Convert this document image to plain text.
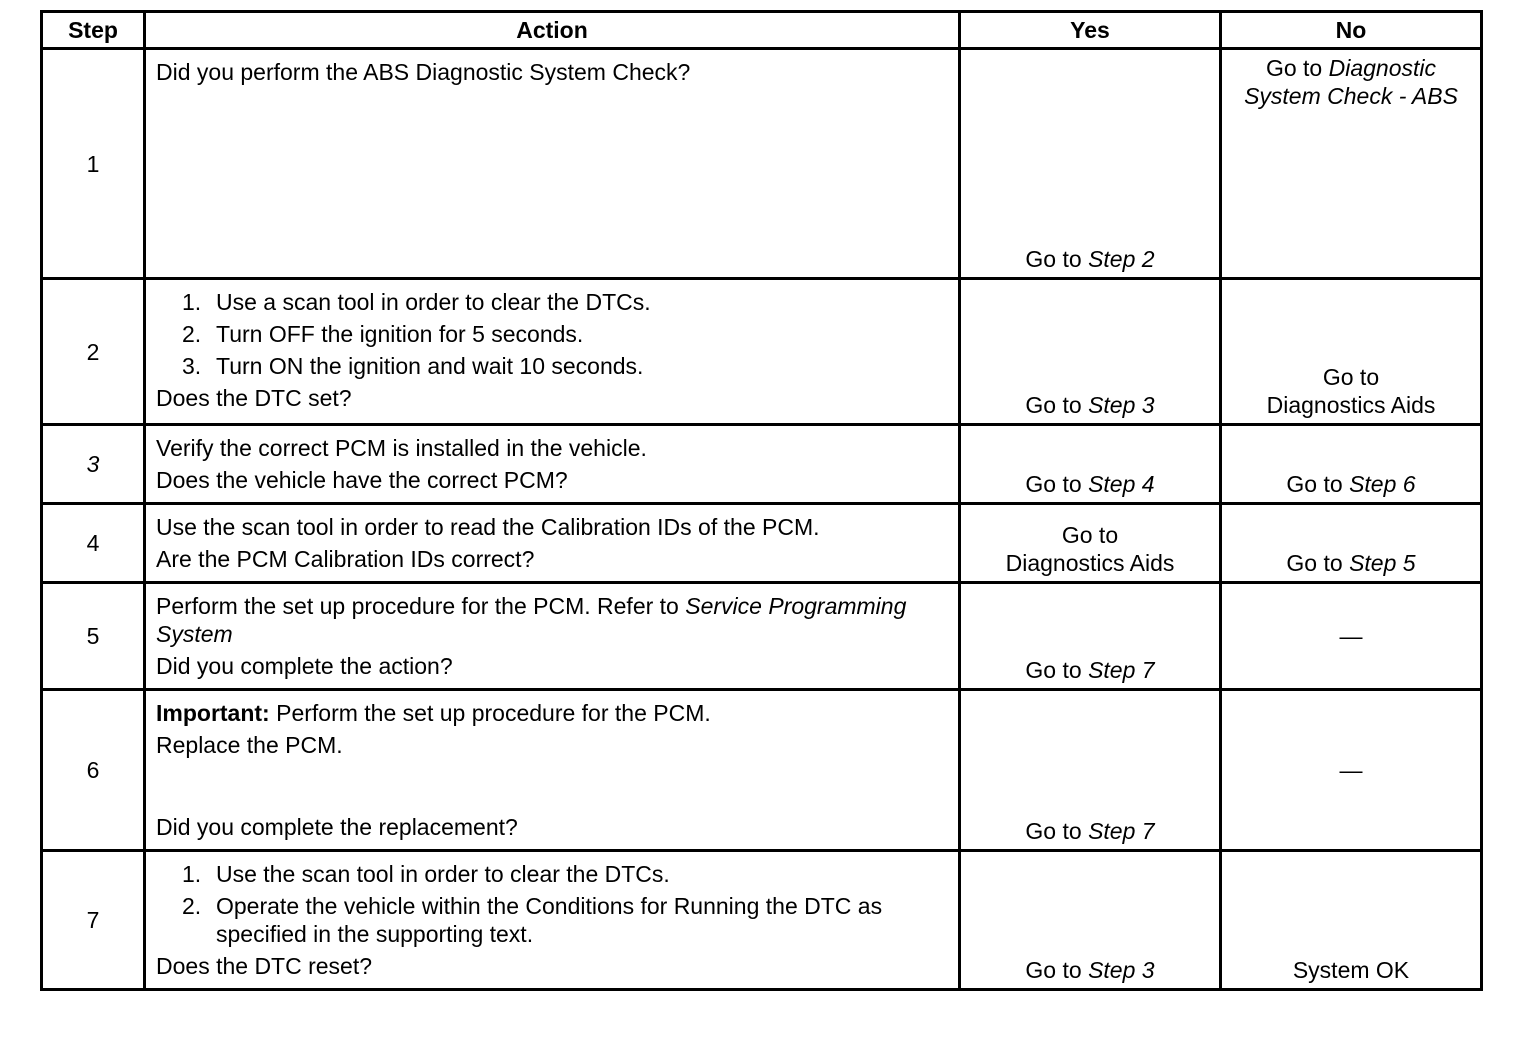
Step	Action	Yes	No
1	Did you perform the ABS Diagnostic System Check?	Go to Step 2	Go to Diagnostic System Check - ABS
2	1. Use a scan tool in order to clear the DTCs.
2. Turn OFF the ignition for 5 seconds.
3. Turn ON the ignition and wait 10 seconds.
Does the DTC set?	Go to Step 3	Go to
Diagnostics Aids

3	Verify the correct PCM is installed in the vehicle.
Does the vehicle have the correct PCM?	Go to Step 4	Go to Step 6
4	Use the scan tool in order to read the Calibration IDs of the PCM.
Are the PCM Calibration IDs correct?	Go to
Diagnostics Aids	Go to Step 5
5	Perform the set up procedure for the PCM. Refer to Service Programming System
Did you complete the action?	Go to Step 7	—
6	Important: Perform the set up procedure for the PCM.
Replace the PCM.
Did you complete the replacement?	Go to Step 7	—
7	1. Use the scan tool in order to clear the DTCs.
2. Operate the vehicle within the Conditions for Running the DTC as specified in the supporting text.
Does the DTC reset?	Go to Step 3	System OK
